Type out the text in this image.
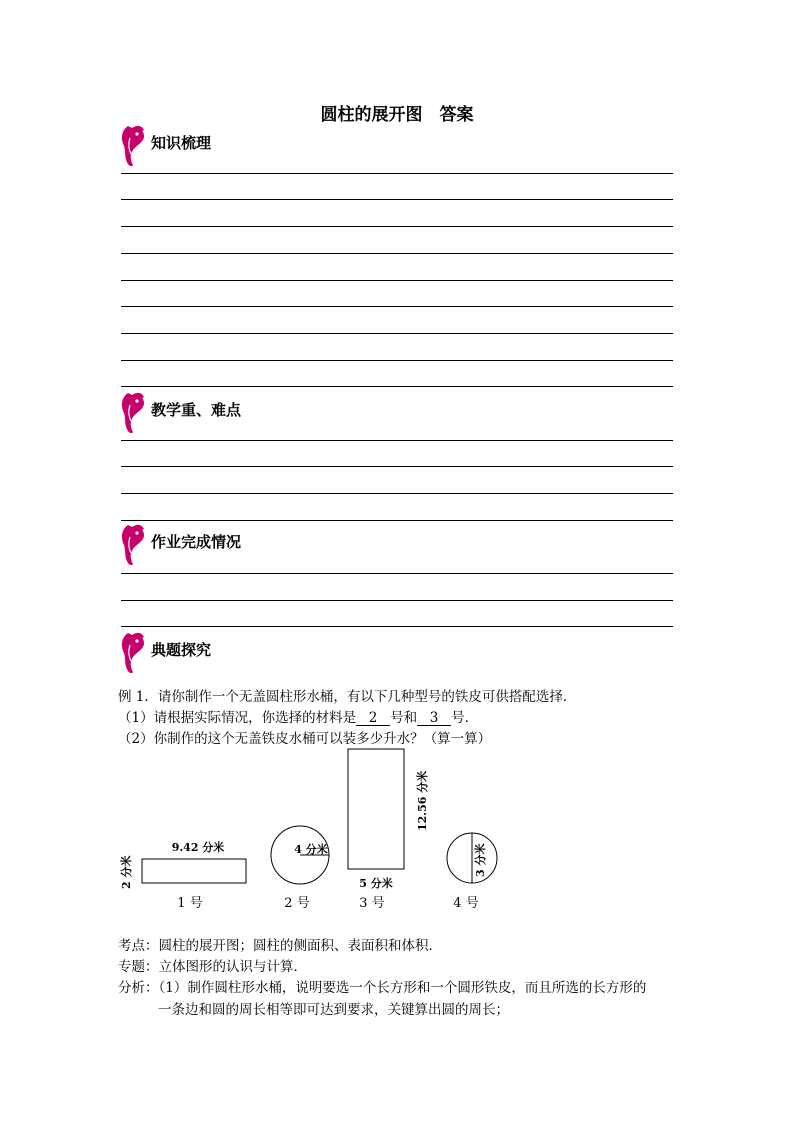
圆柱的展开图　答案
知识梳理
教学重、难点
作业完成情况
典题探究
例 1．请你制作一个无盖圆柱形水桶，有以下几种型号的铁皮可供搭配选择．
（1）请根据实际情况，你选择的材料是 2 号和 3 号．
（2）你制作的这个无盖铁皮水桶可以装多少升水？（算一算）
9.42 分米
2 分米
1 号
4 分米
2 号
12.56 分米
5 分米
3 号
3 分米
4 号
考点：圆柱的展开图；圆柱的侧面积、表面积和体积．
专题：立体图形的认识与计算．
分析：（1）制作圆柱形水桶，说明要选一个长方形和一个圆形铁皮，而且所选的长方形的
一条边和圆的周长相等即可达到要求，关键算出圆的周长；
